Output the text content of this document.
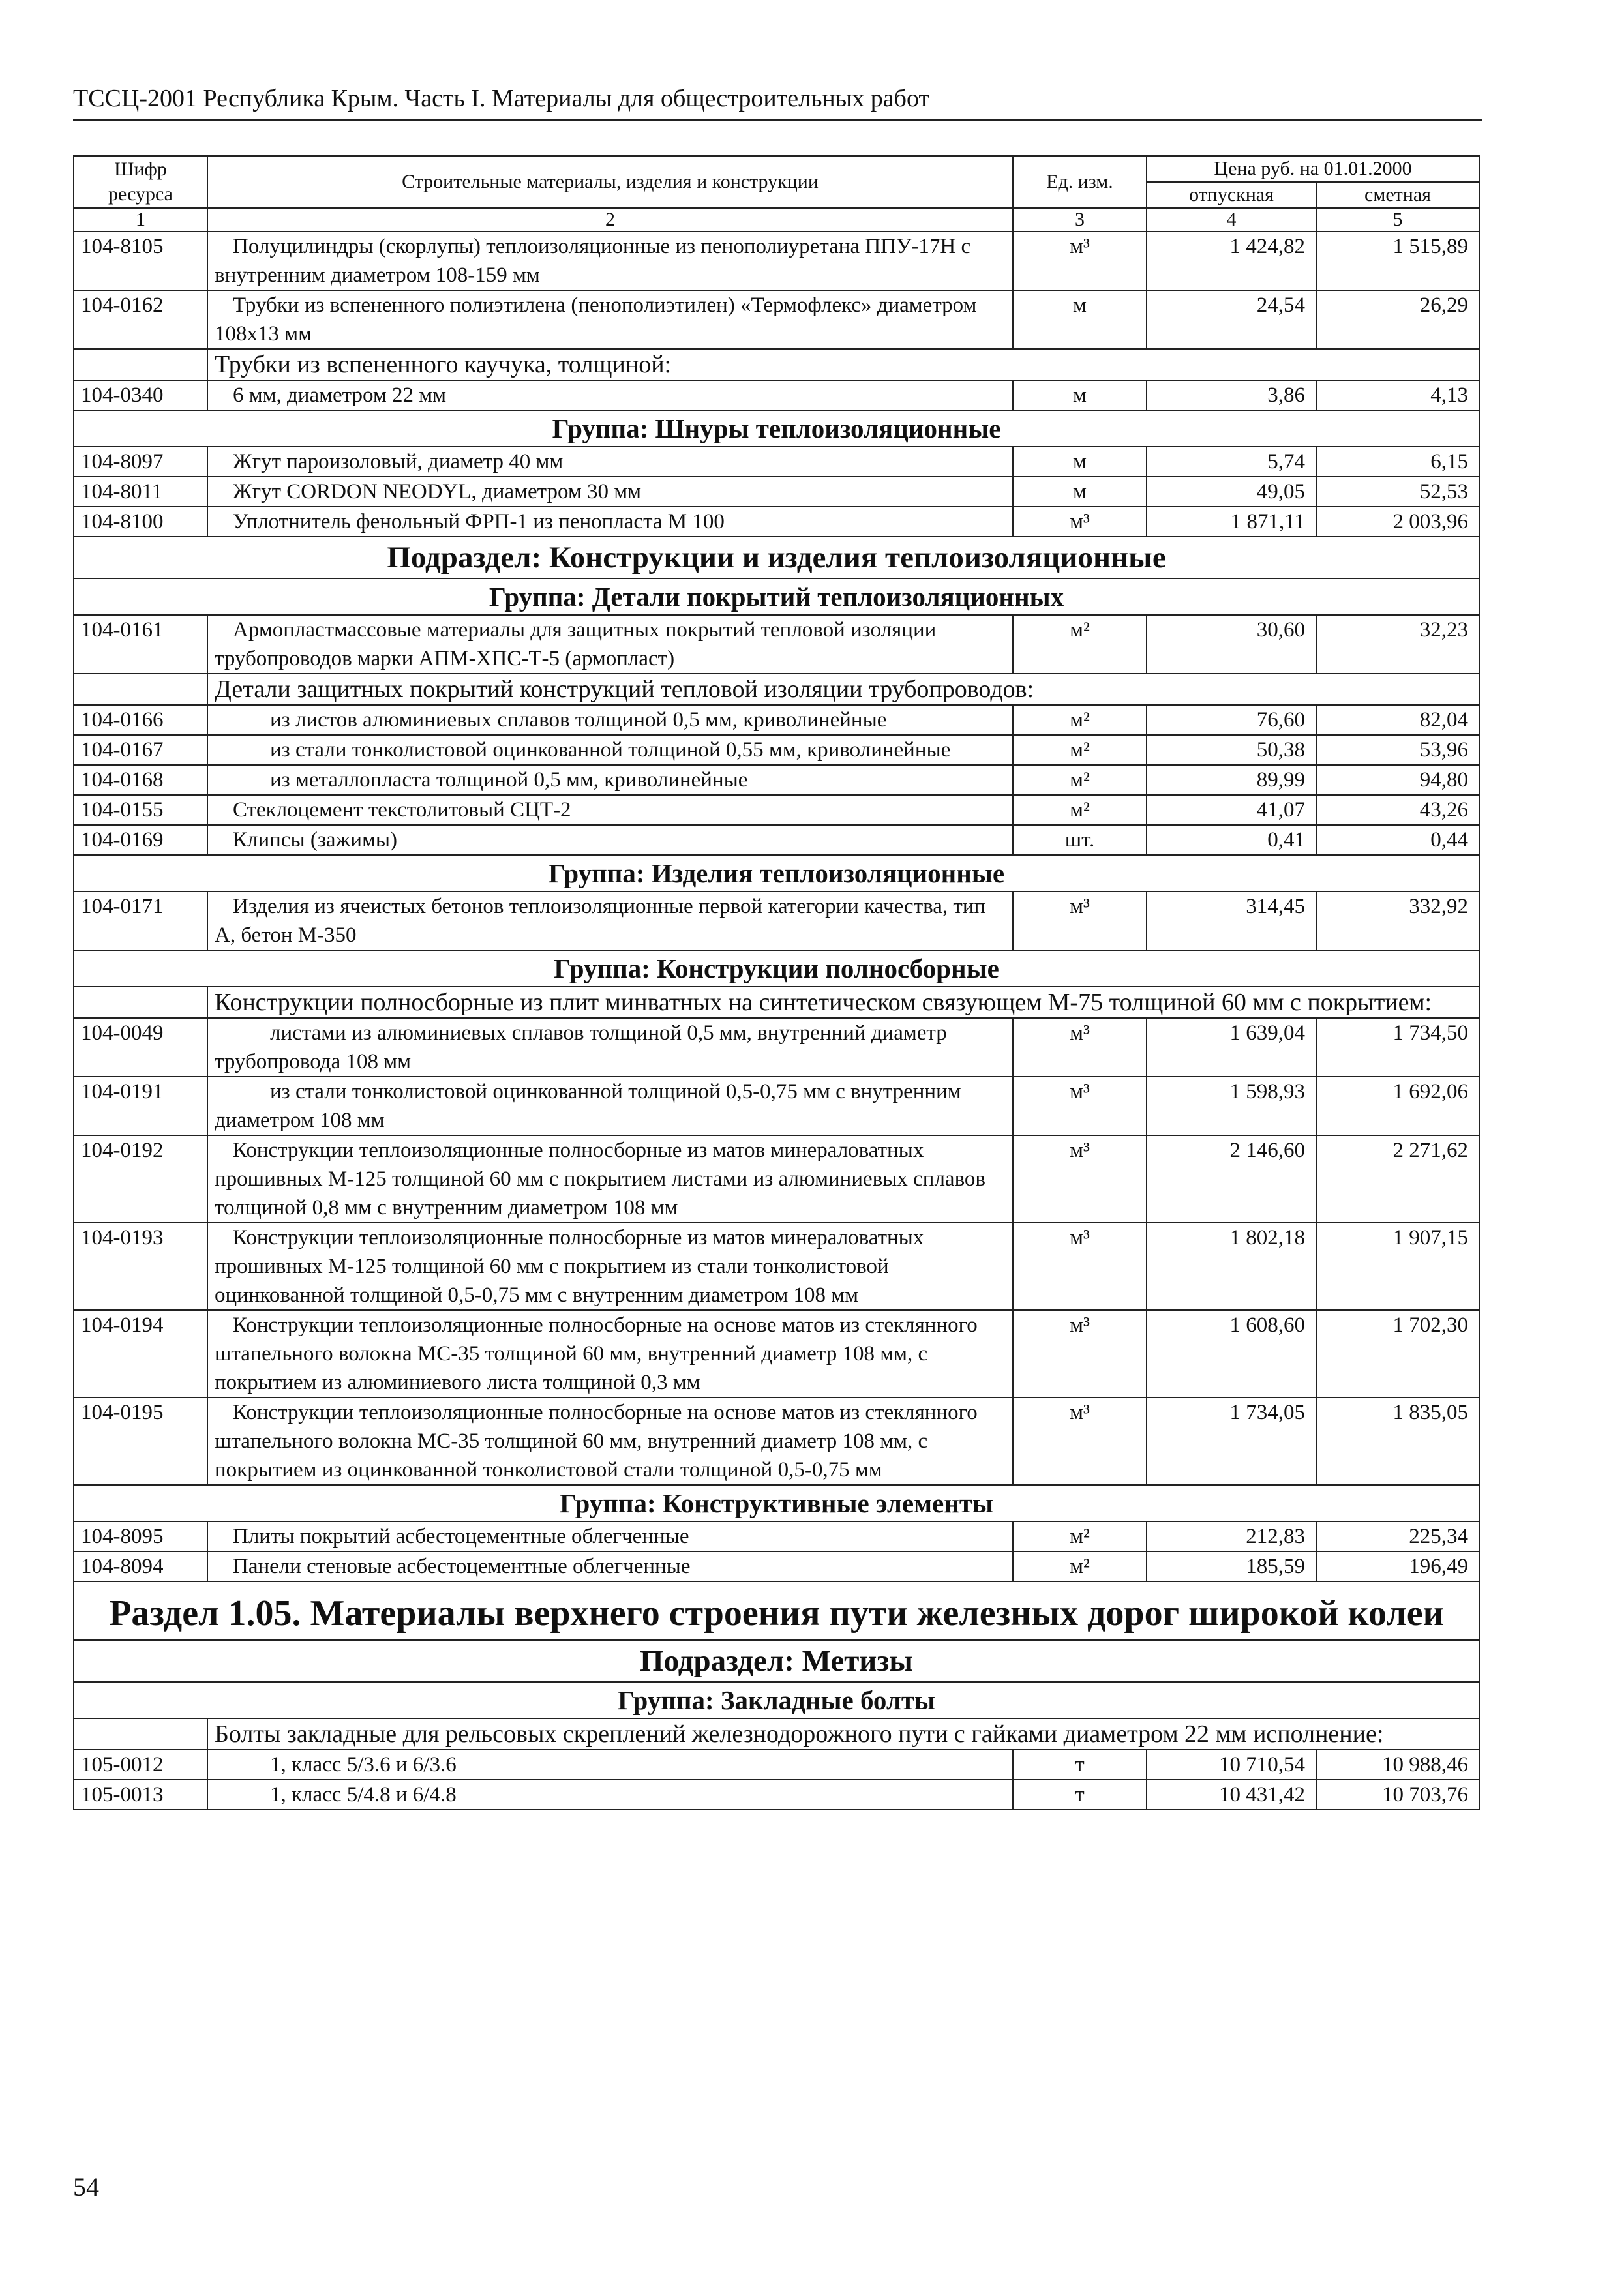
ТССЦ-2001 Республика Крым. Часть I. Материалы для общестроительных работ
Шифр ресурса	Строительные материалы, изделия и конструкции	Ед. изм.	Цена руб. на 01.01.2000	
			отпускная	сметная
1	2	3	4	5
104-8105	Полуцилиндры (скорлупы) теплоизоляционные из пенополиуретана ППУ-17Н с внутренним диаметром 108-159 мм	м³	1 424,82	1 515,89
104-0162	Трубки из вспененного полиэтилена (пенополиэтилен) «Термофлекс» диаметром 108х13 мм	м	24,54	26,29
	Трубки из вспененного каучука, толщиной:			
104-0340	6 мм, диаметром 22 мм	м	3,86	4,13
Группа: Шнуры теплоизоляционные				
104-8097	Жгут пароизоловый, диаметр 40 мм	м	5,74	6,15
104-8011	Жгут CORDON NEODYL, диаметром 30 мм	м	49,05	52,53
104-8100	Уплотнитель фенольный ФРП-1 из пенопласта М 100	м³	1 871,11	2 003,96
Подраздел: Конструкции и изделия теплоизоляционные				
Группа: Детали покрытий теплоизоляционных				
104-0161	Армопластмассовые материалы для защитных покрытий тепловой изоляции трубопроводов марки АПМ-ХПС-Т-5 (армопласт)	м²	30,60	32,23
	Детали защитных покрытий конструкций тепловой изоляции трубопроводов:			
104-0166	из листов алюминиевых сплавов толщиной 0,5 мм, криволинейные	м²	76,60	82,04
104-0167	из стали тонколистовой оцинкованной толщиной 0,55 мм, криволинейные	м²	50,38	53,96
104-0168	из металлопласта толщиной 0,5 мм, криволинейные	м²	89,99	94,80
104-0155	Стеклоцемент текстолитовый СЦТ-2	м²	41,07	43,26
104-0169	Клипсы (зажимы)	шт.	0,41	0,44
Группа: Изделия теплоизоляционные				
104-0171	Изделия из ячеистых бетонов теплоизоляционные первой категории качества, тип А, бетон М-350	м³	314,45	332,92
Группа: Конструкции полносборные				
	Конструкции полносборные из плит минватных на синтетическом связующем М-75 толщиной 60 мм с покрытием:			
104-0049	листами из алюминиевых сплавов толщиной 0,5 мм, внутренний диаметр трубопровода 108 мм	м³	1 639,04	1 734,50
104-0191	из стали тонколистовой оцинкованной толщиной 0,5-0,75 мм с внутренним диаметром 108 мм	м³	1 598,93	1 692,06
104-0192	Конструкции теплоизоляционные полносборные из матов минераловатных прошивных М-125 толщиной 60 мм с покрытием листами из алюминиевых сплавов толщиной 0,8 мм с внутренним диаметром 108 мм	м³	2 146,60	2 271,62
104-0193	Конструкции теплоизоляционные полносборные из матов минераловатных прошивных М-125 толщиной 60 мм с покрытием из стали тонколистовой оцинкованной толщиной 0,5-0,75 мм с внутренним диаметром 108 мм	м³	1 802,18	1 907,15
104-0194	Конструкции теплоизоляционные полносборные на основе матов из стеклянного штапельного волокна МС-35 толщиной 60 мм, внутренний диаметр 108 мм, с покрытием из алюминиевого листа толщиной 0,3 мм	м³	1 608,60	1 702,30
104-0195	Конструкции теплоизоляционные полносборные на основе матов из стеклянного штапельного волокна МС-35 толщиной 60 мм, внутренний диаметр 108 мм, с покрытием из оцинкованной тонколистовой стали толщиной 0,5-0,75 мм	м³	1 734,05	1 835,05
Группа: Конструктивные элементы				
104-8095	Плиты покрытий асбестоцементные облегченные	м²	212,83	225,34
104-8094	Панели стеновые асбестоцементные облегченные	м²	185,59	196,49
Раздел 1.05. Материалы верхнего строения пути железных дорог широкой колеи				
Подраздел: Метизы				
Группа: Закладные болты				
	Болты закладные для рельсовых скреплений железнодорожного пути с гайками диаметром 22 мм исполнение:			
105-0012	1, класс 5/3.6 и 6/3.6	т	10 710,54	10 988,46
105-0013	1, класс 5/4.8 и 6/4.8	т	10 431,42	10 703,76
54
